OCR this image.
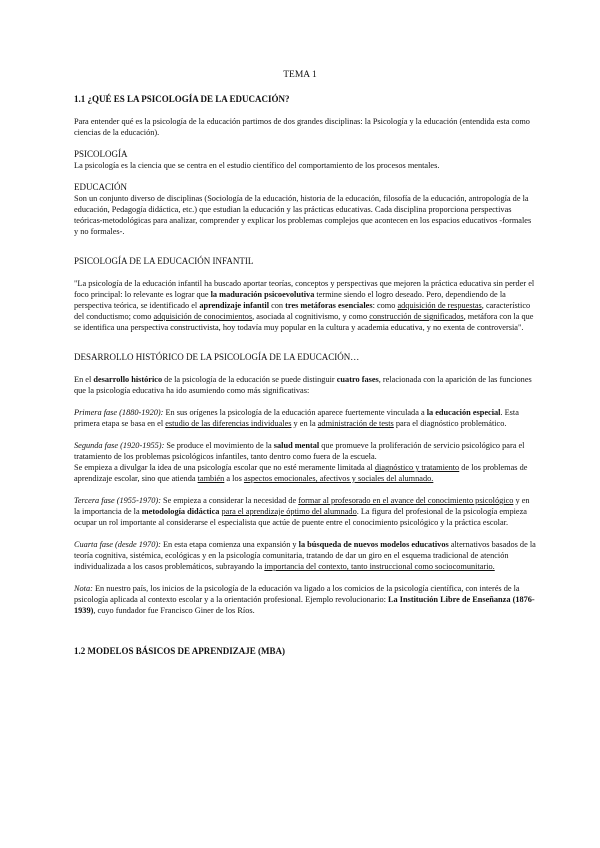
TEMA 1
1.1 ¿QUÉ ES LA PSICOLOGÍA DE LA EDUCACIÓN?

Para entender qué es la psicología de la educación partimos de dos grandes disciplinas: la Psicología y la educación (entendida esta como ciencias de la educación).

PSICOLOGÍA

La psicología es la ciencia que se centra en el estudio científico del comportamiento de los procesos mentales.

EDUCACIÓN

Son un conjunto diverso de disciplinas (Sociología de la educación, historia de la educación, filosofía de la educación, antropología de la educación, Pedagogía didáctica, etc.) que estudian la educación y las prácticas educativas. Cada disciplina proporciona perspectivas teóricas-metodológicas para analizar, comprender y explicar los problemas complejos que acontecen en los espacios educativos -formales y no formales-.

PSICOLOGÍA DE LA EDUCACIÓN INFANTIL

"La psicología de la educación infantil ha buscado aportar teorías, conceptos y perspectivas que mejoren la práctica educativa sin perder el foco principal: lo relevante es lograr que la maduración psicoevolutiva termine siendo el logro deseado. Pero, dependiendo de la perspectiva teórica, se identificado el aprendizaje infantil con tres metáforas esenciales: como adquisición de respuestas, característico del conductismo; como adquisición de conocimientos, asociada al cognitivismo, y como construcción de significados, metáfora con la que se identifica una perspectiva constructivista, hoy todavía muy popular en la cultura y academia educativa, y no exenta de controversia".

DESARROLLO HISTÓRICO DE LA PSICOLOGÍA DE LA EDUCACIÓN…

En el desarrollo histórico de la psicología de la educación se puede distinguir cuatro fases, relacionada con la aparición de las funciones que la psicología educativa ha ido asumiendo como más significativas:

Primera fase (1880-1920): En sus orígenes la psicología de la educación aparece fuertemente vinculada a la educación especial. Esta primera etapa se basa en el estudio de las diferencias individuales y en la administración de tests para el diagnóstico problemático.

Segunda fase (1920-1955): Se produce el movimiento de la salud mental que promueve la proliferación de servicio psicológico para el tratamiento de los problemas psicológicos infantiles, tanto dentro como fuera de la escuela.

Se empieza a divulgar la idea de una psicología escolar que no esté meramente limitada al diagnóstico y tratamiento de los problemas de aprendizaje escolar, sino que atienda también a los aspectos emocionales, afectivos y sociales del alumnado.

Tercera fase (1955-1970): Se empieza a considerar la necesidad de formar al profesorado en el avance del conocimiento psicológico y en la importancia de la metodología didáctica para el aprendizaje óptimo del alumnado. La figura del profesional de la psicología empieza ocupar un rol importante al considerarse el especialista que actúe de puente entre el conocimiento psicológico y la práctica escolar.

Cuarta fase (desde 1970): En esta etapa comienza una expansión y la búsqueda de nuevos modelos educativos alternativos basados de la teoría cognitiva, sistémica, ecológicas y en la psicología comunitaria, tratando de dar un giro en el esquema tradicional de atención individualizada a los casos problemáticos, subrayando la importancia del contexto, tanto instruccional como sociocomunitario.

Nota: En nuestro país, los inicios de la psicología de la educación va ligado a los comicios de la psicología científica, con interés de la psicología aplicada al contexto escolar y a la orientación profesional. Ejemplo revolucionario: La Institución Libre de Enseñanza (1876-1939), cuyo fundador fue Francisco Giner de los Ríos.

1.2 MODELOS BÁSICOS DE APRENDIZAJE (MBA)
